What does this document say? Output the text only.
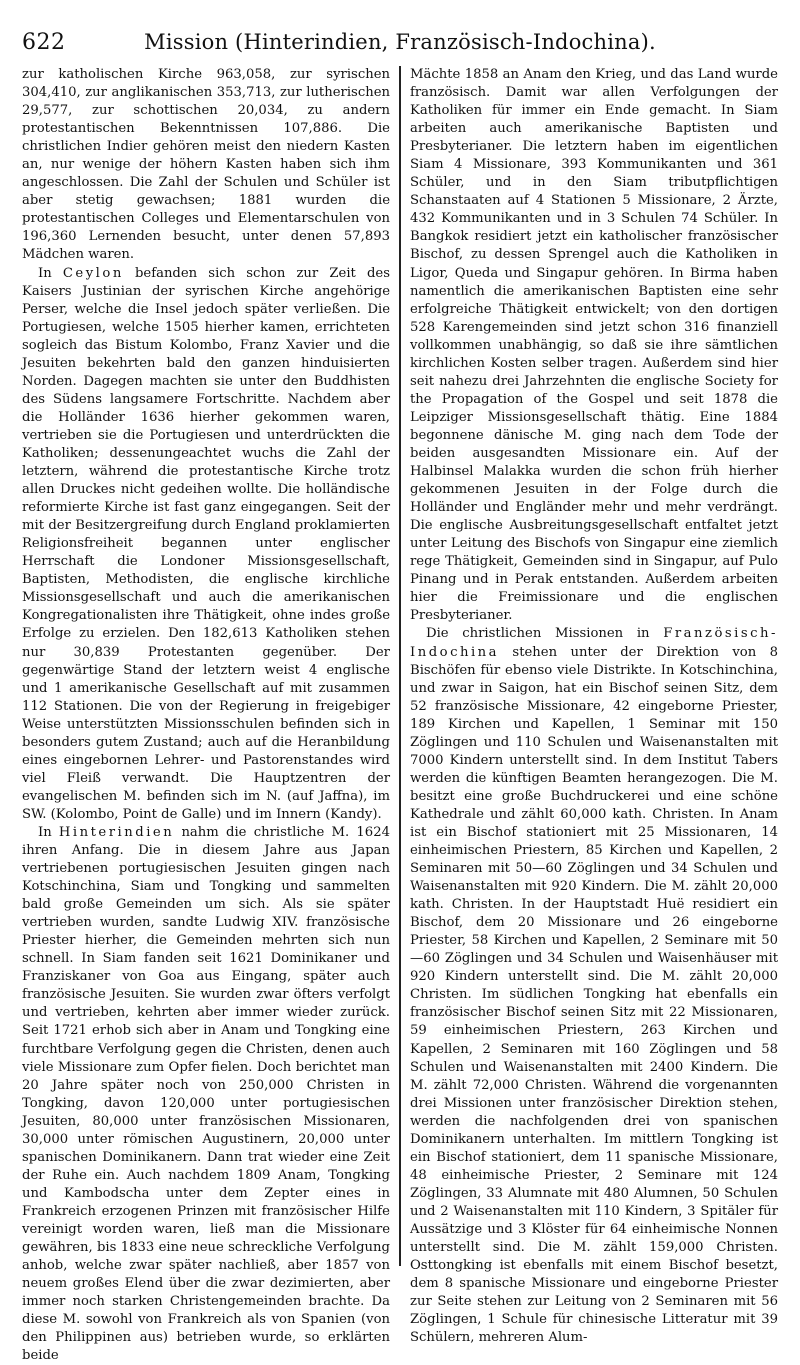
622	Mission (Hinterindien, Französisch-Indochina).

zur katholischen Kirche 963,058, zur syrischen 304,410, zur anglikanischen 353,713, zur lutherischen 29,577, zur schottischen 20,034, zu andern protestantischen Bekenntnissen 107,886. Die christlichen Indier gehören meist den niedern Kasten an, nur wenige der höhern Kasten haben sich ihm angeschlossen. Die Zahl der Schulen und Schüler ist aber stetig gewachsen; 1881 wurden die protestantischen Colleges und Elementarschulen von 196,360 Lernenden besucht, unter denen 57,893 Mädchen waren.

In Ceylon befanden sich schon zur Zeit des Kaisers Justinian der syrischen Kirche angehörige Perser, welche die Insel jedoch später verließen. Die Portugiesen, welche 1505 hierher kamen, errichteten sogleich das Bistum Kolombo, Franz Xavier und die Jesuiten bekehrten bald den ganzen hinduisierten Norden. Dagegen machten sie unter den Buddhisten des Südens langsamere Fortschritte. Nachdem aber die Holländer 1636 hierher gekommen waren, vertrieben sie die Portugiesen und unterdrückten die Katholiken; dessenungeachtet wuchs die Zahl der letztern, während die protestantische Kirche trotz allen Druckes nicht gedeihen wollte. Die holländische reformierte Kirche ist fast ganz eingegangen. Seit der mit der Besitzergreifung durch England proklamierten Religionsfreiheit begannen unter englischer Herrschaft die Londoner Missionsgesellschaft, Baptisten, Methodisten, die englische kirchliche Missionsgesellschaft und auch die amerikanischen Kongregationalisten ihre Thätigkeit, ohne indes große Erfolge zu erzielen. Den 182,613 Katholiken stehen nur 30,839 Protestanten gegenüber. Der gegenwärtige Stand der letztern weist 4 englische und 1 amerikanische Gesellschaft auf mit zusammen 112 Stationen. Die von der Regierung in freigebiger Weise unterstützten Missionsschulen befinden sich in besonders gutem Zustand; auch auf die Heranbildung eines eingebornen Lehrer- und Pastorenstandes wird viel Fleiß verwandt. Die Hauptzentren der evangelischen M. befinden sich im N. (auf Jaffna), im SW. (Kolombo, Point de Galle) und im Innern (Kandy).

In Hinterindien nahm die christliche M. 1624 ihren Anfang. Die in diesem Jahre aus Japan vertriebenen portugiesischen Jesuiten gingen nach Kotschinchina, Siam und Tongking und sammelten bald große Gemeinden um sich. Als sie später vertrieben wurden, sandte Ludwig XIV. französische Priester hierher, die Gemeinden mehrten sich nun schnell. In Siam fanden seit 1621 Dominikaner und Franziskaner von Goa aus Eingang, später auch französische Jesuiten. Sie wurden zwar öfters verfolgt und vertrieben, kehrten aber immer wieder zurück. Seit 1721 erhob sich aber in Anam und Tongking eine furchtbare Verfolgung gegen die Christen, denen auch viele Missionare zum Opfer fielen. Doch berichtet man 20 Jahre später noch von 250,000 Christen in Tongking, davon 120,000 unter portugiesischen Jesuiten, 80,000 unter französischen Missionaren, 30,000 unter römischen Augustinern, 20,000 unter spanischen Dominikanern. Dann trat wieder eine Zeit der Ruhe ein. Auch nachdem 1809 Anam, Tongking und Kambodscha unter dem Zepter eines in Frankreich erzogenen Prinzen mit französischer Hilfe vereinigt worden waren, ließ man die Missionare gewähren, bis 1833 eine neue schreckliche Verfolgung anhob, welche zwar später nachließ, aber 1857 von neuem großes Elend über die zwar dezimierten, aber immer noch starken Christengemeinden brachte. Da diese M. sowohl von Frankreich als von Spanien (von den Philippinen aus) betrieben wurde, so erklärten beide

Mächte 1858 an Anam den Krieg, und das Land wurde französisch. Damit war allen Verfolgungen der Katholiken für immer ein Ende gemacht. In Siam arbeiten auch amerikanische Baptisten und Presbyterianer. Die letztern haben im eigentlichen Siam 4 Missionare, 393 Kommunikanten und 361 Schüler, und in den Siam tributpflichtigen Schanstaaten auf 4 Stationen 5 Missionare, 2 Ärzte, 432 Kommunikanten und in 3 Schulen 74 Schüler. In Bangkok residiert jetzt ein katholischer französischer Bischof, zu dessen Sprengel auch die Katholiken in Ligor, Queda und Singapur gehören. In Birma haben namentlich die amerikanischen Baptisten eine sehr erfolgreiche Thätigkeit entwickelt; von den dortigen 528 Karengemeinden sind jetzt schon 316 finanziell vollkommen unabhängig, so daß sie ihre sämtlichen kirchlichen Kosten selber tragen. Außerdem sind hier seit nahezu drei Jahrzehnten die englische Society for the Propagation of the Gospel und seit 1878 die Leipziger Missionsgesellschaft thätig. Eine 1884 begonnene dänische M. ging nach dem Tode der beiden ausgesandten Missionare ein. Auf der Halbinsel Malakka wurden die schon früh hierher gekommenen Jesuiten in der Folge durch die Holländer und Engländer mehr und mehr verdrängt. Die englische Ausbreitungsgesellschaft entfaltet jetzt unter Leitung des Bischofs von Singapur eine ziemlich rege Thätigkeit, Gemeinden sind in Singapur, auf Pulo Pinang und in Perak entstanden. Außerdem arbeiten hier die Freimissionare und die englischen Presbyterianer.

Die christlichen Missionen in Französisch-Indochina stehen unter der Direktion von 8 Bischöfen für ebenso viele Distrikte. In Kotschinchina, und zwar in Saigon, hat ein Bischof seinen Sitz, dem 52 französische Missionare, 42 eingeborne Priester, 189 Kirchen und Kapellen, 1 Seminar mit 150 Zöglingen und 110 Schulen und Waisenanstalten mit 7000 Kindern unterstellt sind. In dem Institut Tabers werden die künftigen Beamten herangezogen. Die M. besitzt eine große Buchdruckerei und eine schöne Kathedrale und zählt 60,000 kath. Christen. In Anam ist ein Bischof stationiert mit 25 Missionaren, 14 einheimischen Priestern, 85 Kirchen und Kapellen, 2 Seminaren mit 50—60 Zöglingen und 34 Schulen und Waisenanstalten mit 920 Kindern. Die M. zählt 20,000 kath. Christen. In der Hauptstadt Huë residiert ein Bischof, dem 20 Missionare und 26 eingeborne Priester, 58 Kirchen und Kapellen, 2 Seminare mit 50—60 Zöglingen und 34 Schulen und Waisenhäuser mit 920 Kindern unterstellt sind. Die M. zählt 20,000 Christen. Im südlichen Tongking hat ebenfalls ein französischer Bischof seinen Sitz mit 22 Missionaren, 59 einheimischen Priestern, 263 Kirchen und Kapellen, 2 Seminaren mit 160 Zöglingen und 58 Schulen und Waisenanstalten mit 2400 Kindern. Die M. zählt 72,000 Christen. Während die vorgenannten drei Missionen unter französischer Direktion stehen, werden die nachfolgenden drei von spanischen Dominikanern unterhalten. Im mittlern Tongking ist ein Bischof stationiert, dem 11 spanische Missionare, 48 einheimische Priester, 2 Seminare mit 124 Zöglingen, 33 Alumnate mit 480 Alumnen, 50 Schulen und 2 Waisenanstalten mit 110 Kindern, 3 Spitäler für Aussätzige und 3 Klöster für 64 einheimische Nonnen unterstellt sind. Die M. zählt 159,000 Christen. Osttongking ist ebenfalls mit einem Bischof besetzt, dem 8 spanische Missionare und eingeborne Priester zur Seite stehen zur Leitung von 2 Seminaren mit 56 Zöglingen, 1 Schule für chinesische Litteratur mit 39 Schülern, mehreren Alum-
